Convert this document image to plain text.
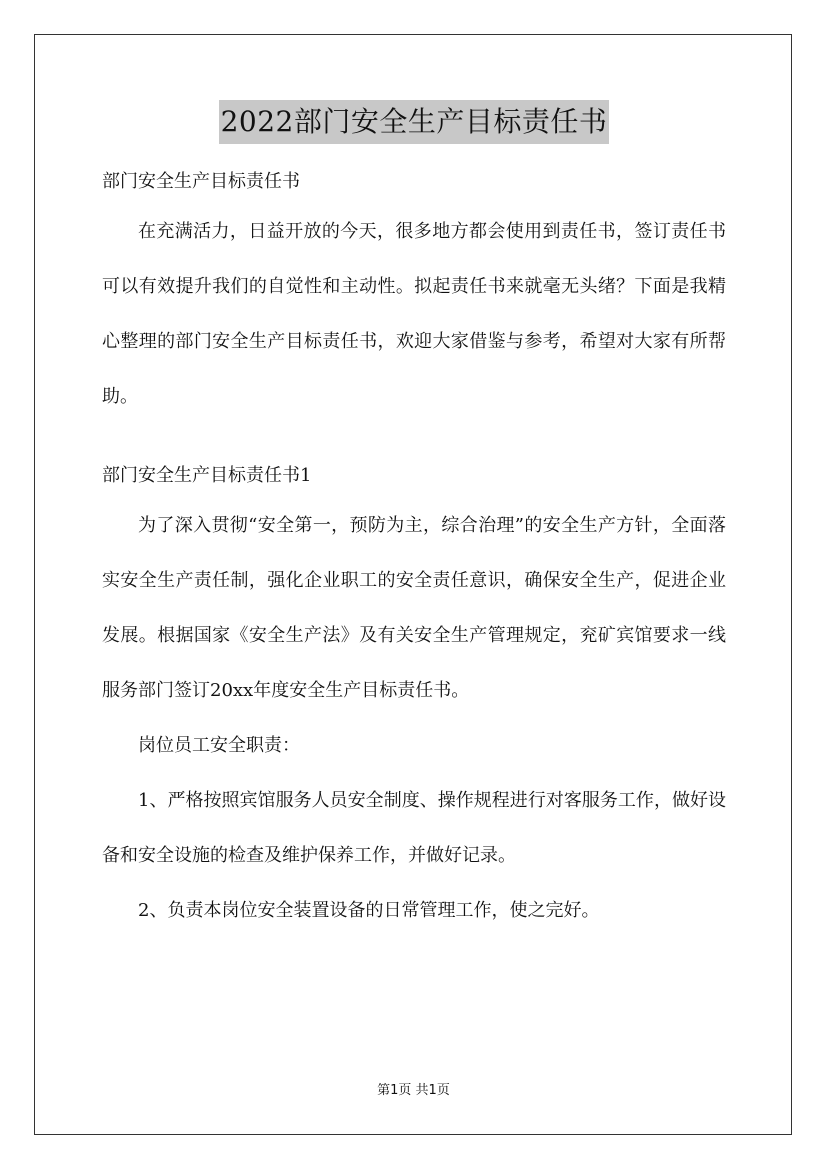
2022部门安全生产目标责任书

部门安全生产目标责任书

在充满活力，日益开放的今天，很多地方都会使用到责任书，签订责任书可以有效提升我们的自觉性和主动性。拟起责任书来就毫无头绪？下面是我精心整理的部门安全生产目标责任书，欢迎大家借鉴与参考，希望对大家有所帮助。

部门安全生产目标责任书1

为了深入贯彻“安全第一，预防为主，综合治理”的安全生产方针，全面落实安全生产责任制，强化企业职工的安全责任意识，确保安全生产，促进企业发展。根据国家《安全生产法》及有关安全生产管理规定，兖矿宾馆要求一线服务部门签订20xx年度安全生产目标责任书。

岗位员工安全职责：

1、严格按照宾馆服务人员安全制度、操作规程进行对客服务工作，做好设备和安全设施的检查及维护保养工作，并做好记录。

2、负责本岗位安全装置设备的日常管理工作，使之完好。

第1页 共1页
